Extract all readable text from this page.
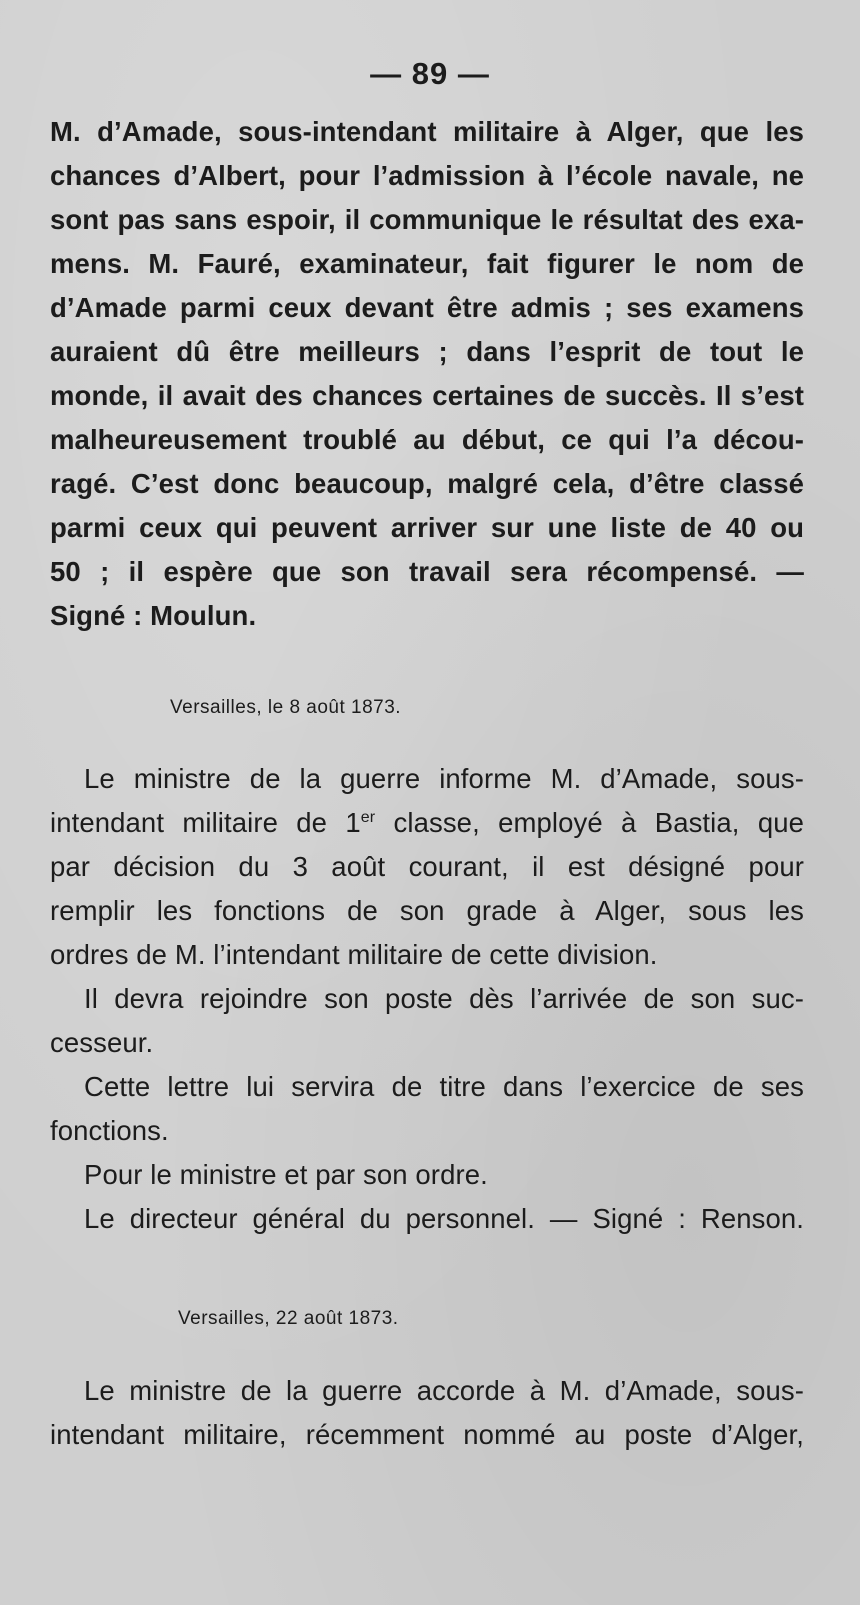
— 89 —
M. d’Amade, sous-intendant militaire à Alger, que les
chances d’Albert, pour l’admission à l’école navale, ne
sont pas sans espoir, il communique le résultat des exa-
mens. M. Fauré, examinateur, fait figurer le nom de
d’Amade parmi ceux devant être admis ; ses examens
auraient dû être meilleurs ; dans l’esprit de tout le
monde, il avait des chances certaines de succès. Il s’est
malheureusement troublé au début, ce qui l’a décou-
ragé. C’est donc beaucoup, malgré cela, d’être classé
parmi ceux qui peuvent arriver sur une liste de 40 ou
50 ; il espère que son travail sera récompensé. —
Signé : Moulun.
Versailles, le 8 août 1873.
Le ministre de la guerre informe M. d’Amade, sous-
intendant militaire de 1er classe, employé à Bastia, que
par décision du 3 août courant, il est désigné pour
remplir les fonctions de son grade à Alger, sous les
ordres de M. l’intendant militaire de cette division.
Il devra rejoindre son poste dès l’arrivée de son suc-
cesseur.
Cette lettre lui servira de titre dans l’exercice de ses
fonctions.
Pour le ministre et par son ordre.
Le directeur général du personnel. — Signé : Renson.
Versailles, 22 août 1873.
Le ministre de la guerre accorde à M. d’Amade, sous-
intendant militaire, récemment nommé au poste d’Alger,
